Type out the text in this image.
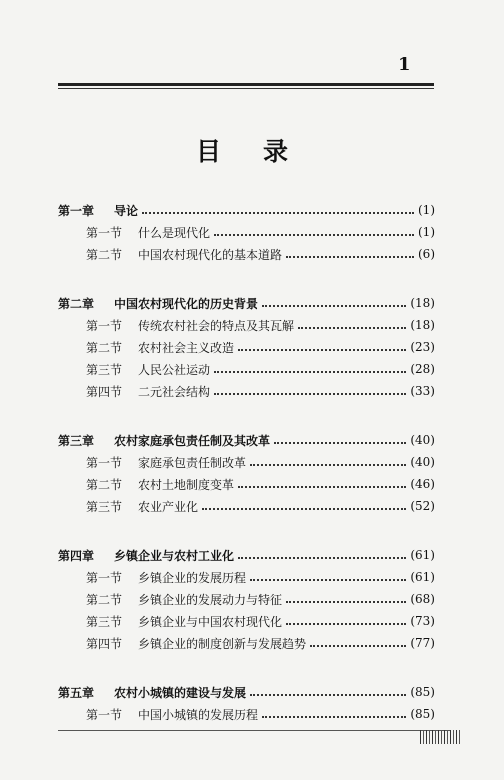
1
目 录
第一章 导论	(1)
第一节 什么是现代化	(1)
第二节 中国农村现代化的基本道路	(6)
第二章 中国农村现代化的历史背景	(18)
第一节 传统农村社会的特点及其瓦解	(18)
第二节 农村社会主义改造	(23)
第三节 人民公社运动	(28)
第四节 二元社会结构	(33)
第三章 农村家庭承包责任制及其改革	(40)
第一节 家庭承包责任制改革	(40)
第二节 农村土地制度变革	(46)
第三节 农业产业化	(52)
第四章 乡镇企业与农村工业化	(61)
第一节 乡镇企业的发展历程	(61)
第二节 乡镇企业的发展动力与特征	(68)
第三节 乡镇企业与中国农村现代化	(73)
第四节 乡镇企业的制度创新与发展趋势	(77)
第五章 农村小城镇的建设与发展	(85)
第一节 中国小城镇的发展历程	(85)
